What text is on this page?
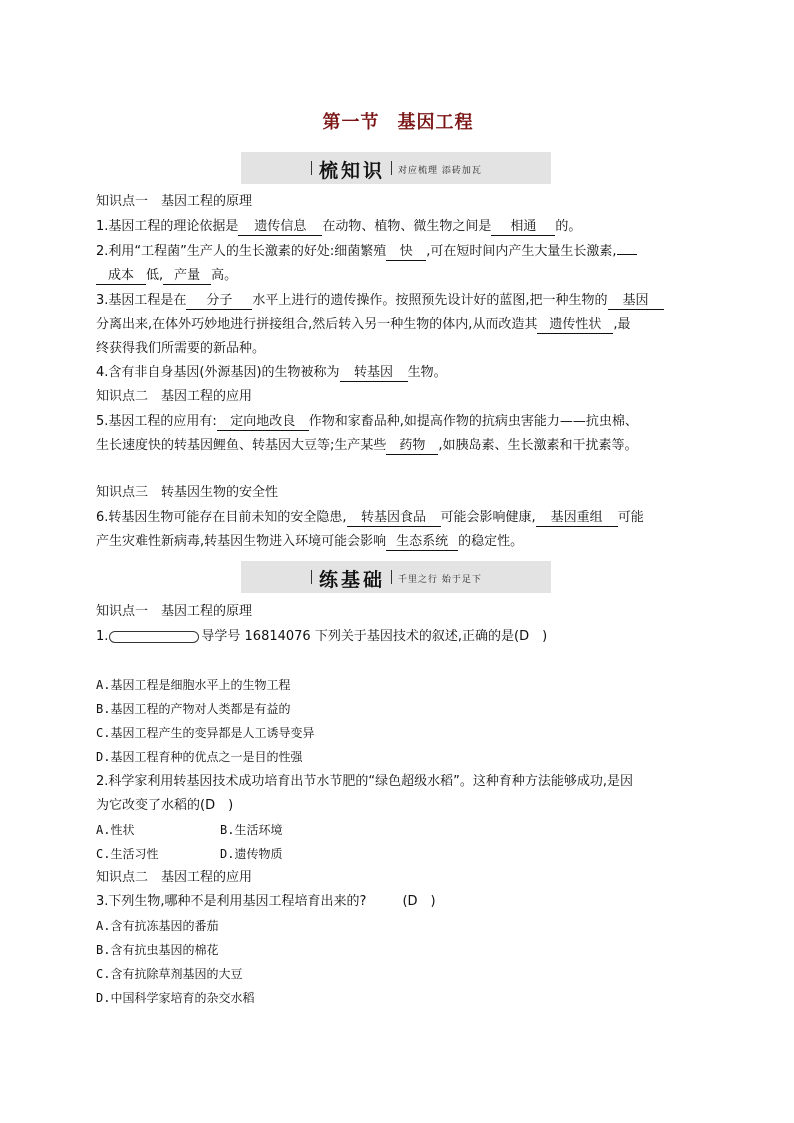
第一节 基因工程
梳知识 对应梳理 添砖加瓦
知识点一　基因工程的原理
1.基因工程的理论依据是 遗传信息 在动物、植物、微生物之间是 相通 的。
2.利用“工程菌”生产人的生长激素的好处:细菌繁殖 快 ,可在短时间内产生大量生长激素,
成本 低, 产量 高。
3.基因工程是在 分子 水平上进行的遗传操作。按照预先设计好的蓝图,把一种生物的 基因
分离出来,在体外巧妙地进行拼接组合,然后转入另一种生物的体内,从而改造其 遗传性状 ,最
终获得我们所需要的新品种。
4.含有非自身基因(外源基因)的生物被称为 转基因 生物。
知识点二　基因工程的应用
5.基因工程的应用有: 定向地改良 作物和家畜品种,如提高作物的抗病虫害能力——抗虫棉、
生长速度快的转基因鲤鱼、转基因大豆等;生产某些 药物 ,如胰岛素、生长激素和干扰素等。
知识点三　转基因生物的安全性
6.转基因生物可能存在目前未知的安全隐患, 转基因食品 可能会影响健康, 基因重组 可能
产生灾难性新病毒,转基因生物进入环境可能会影响 生态系统 的稳定性。
练基础 千里之行 始于足下
知识点一　基因工程的原理
1.	导学号 16814076 下列关于基因技术的叙述,正确的是(D　)
A.基因工程是细胞水平上的生物工程
B.基因工程的产物对人类都是有益的
C.基因工程产生的变异都是人工诱导变异
D.基因工程育种的优点之一是目的性强
2.科学家利用转基因技术成功培育出节水节肥的“绿色超级水稻”。这种育种方法能够成功,是因
为它改变了水稻的(D　)
A.性状	B.生活环境
C.生活习性	D.遗传物质
知识点二　基因工程的应用
3.下列生物,哪种不是利用基因工程培育出来的?	(D　)
A.含有抗冻基因的番茄
B.含有抗虫基因的棉花
C.含有抗除草剂基因的大豆
D.中国科学家培育的杂交水稻
